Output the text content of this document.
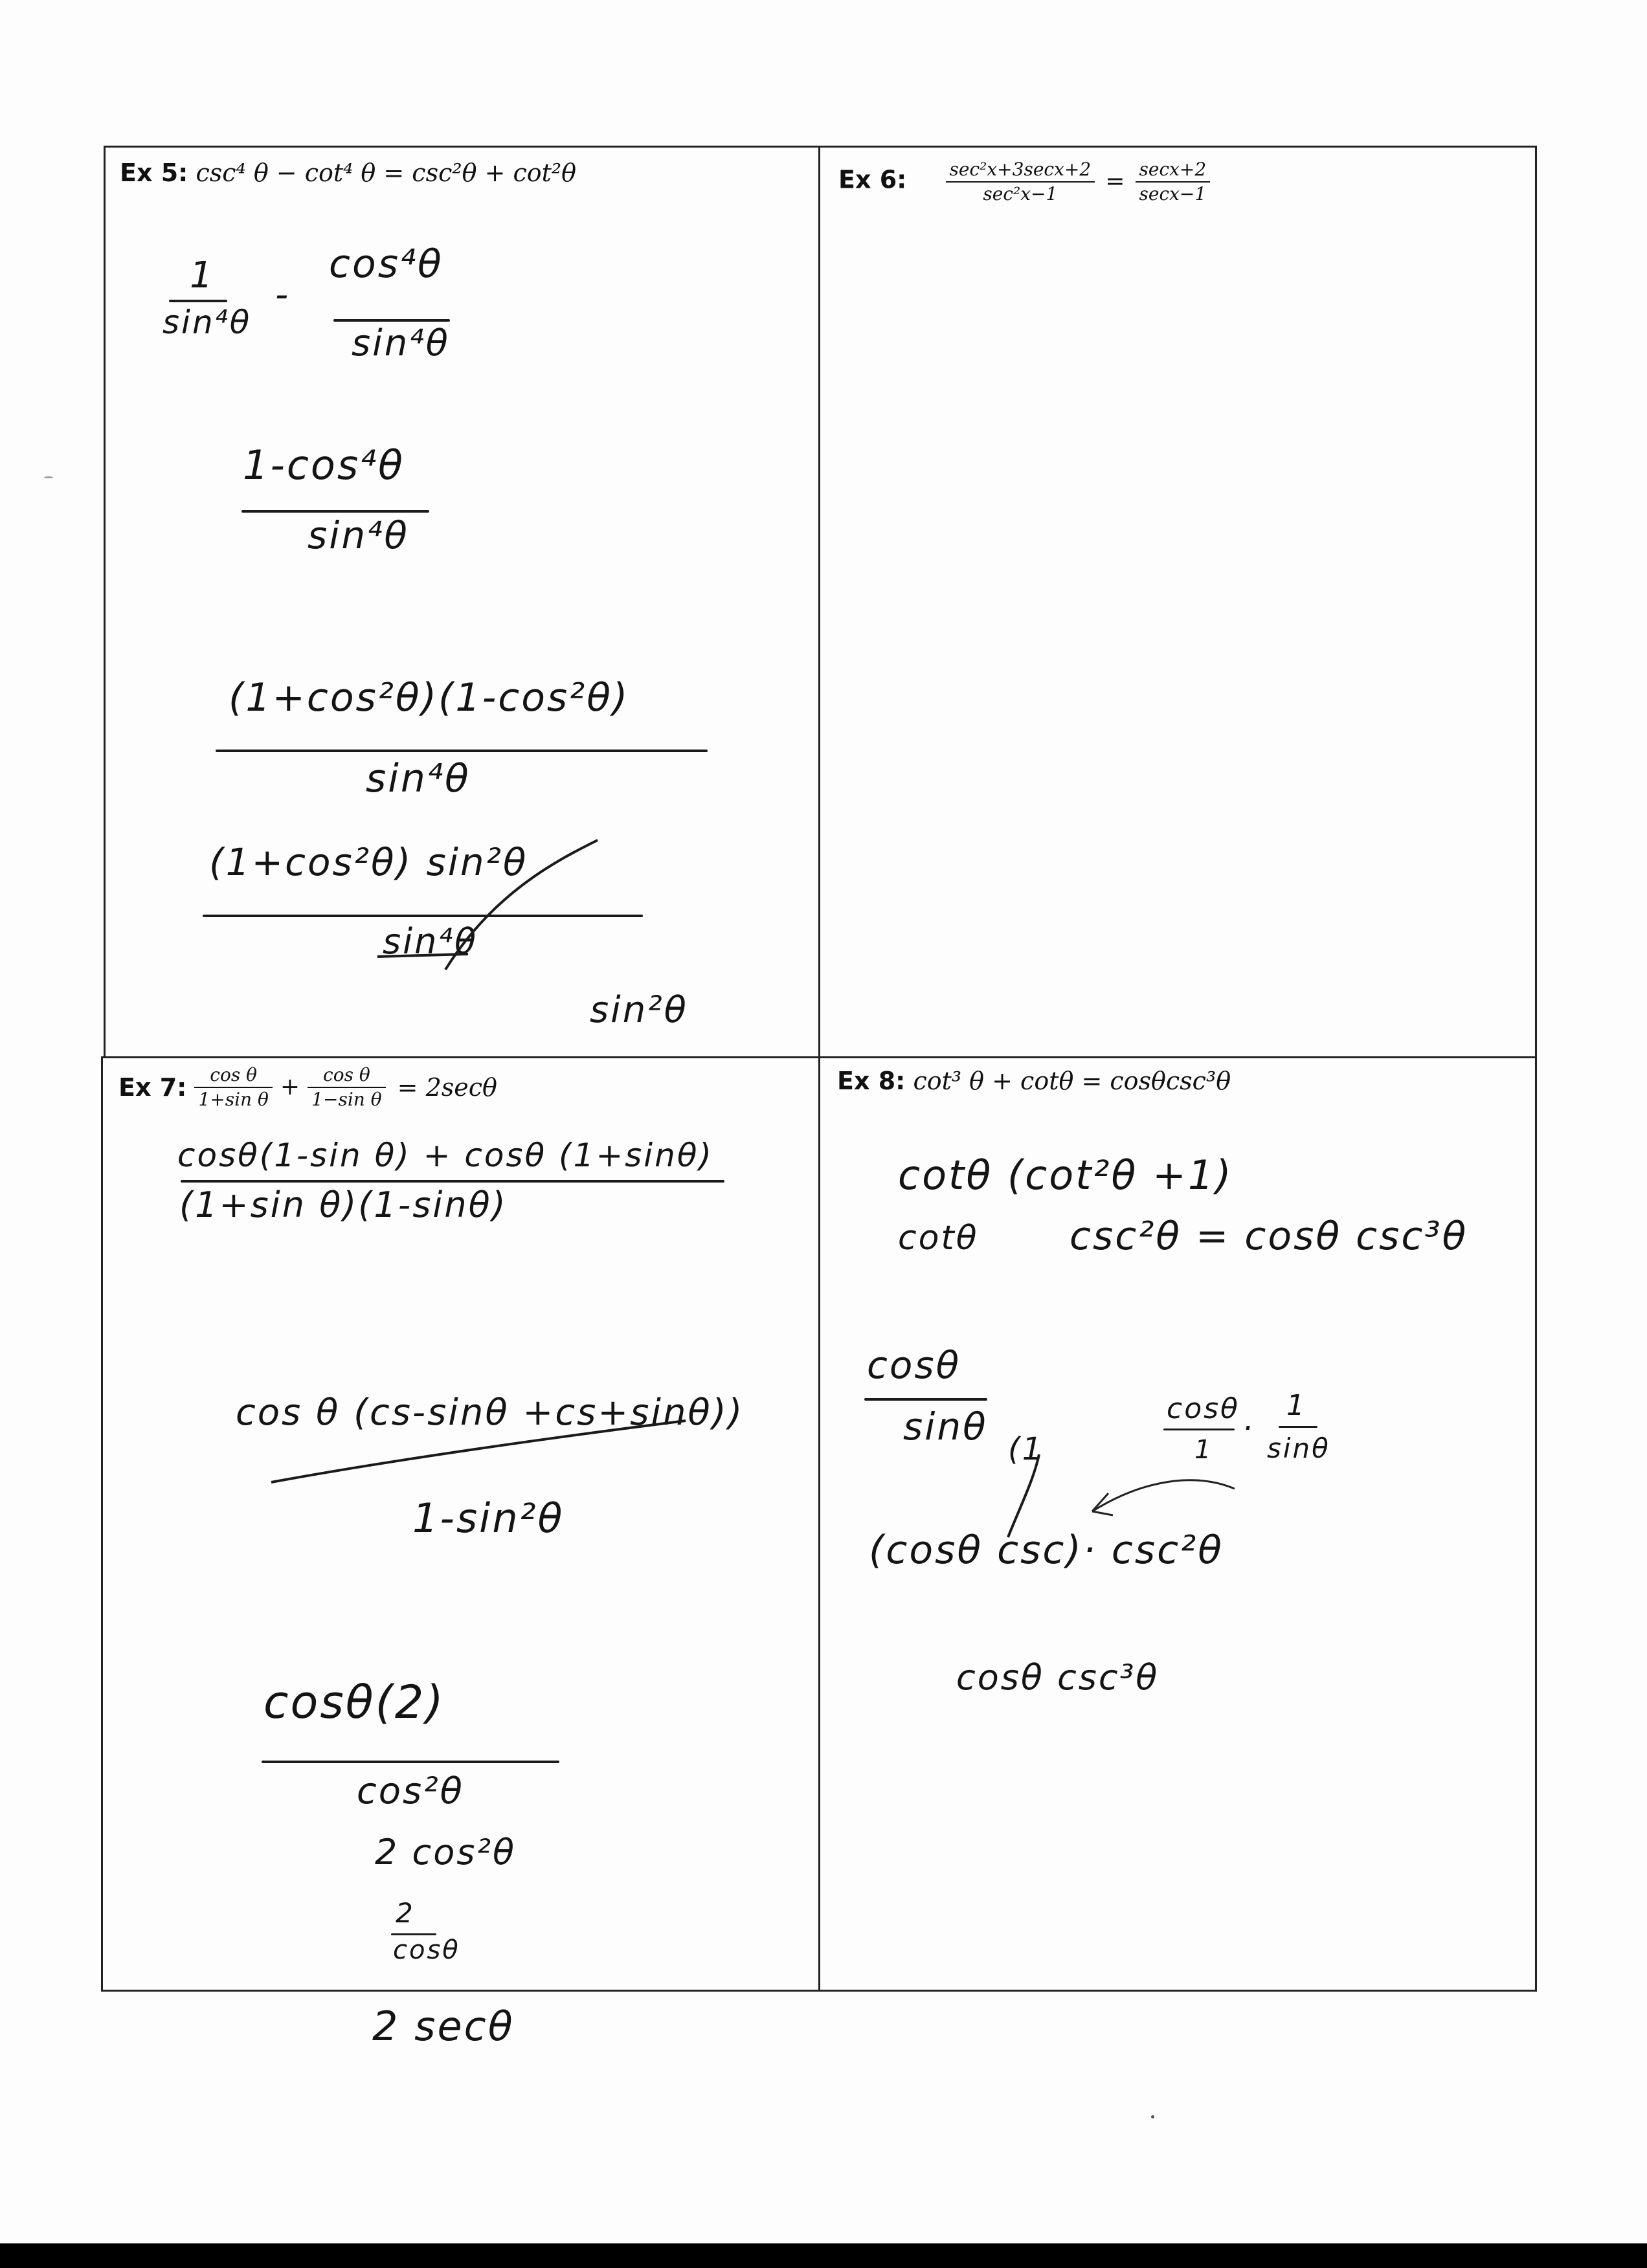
Ex 5: csc⁴ θ − cot⁴ θ = csc²θ + cot²θ
1
sin⁴θ
-
cos⁴θ
sin⁴θ
1-cos⁴θ
sin⁴θ
(1+cos²θ)(1-cos²θ)
sin⁴θ
(1+cos²θ) sin²θ
sin⁴θ
sin²θ
Ex 6: $\frac{\text{sec²x+3secx+2}}{\text{sec²x−1}} = \frac{\sec x+2}{\sec x-1}$
Ex 7: $\frac{\text{cos θ}}{\text{1+sin θ}} + \frac{\text{cos θ}}{\text{1−sin θ}} = 2\sec\theta$
cosθ(1-sin θ) + cosθ (1+sinθ)
(1+sin θ)(1-sinθ)
cos θ (cs-sinθ +cs+sinθ))
1-sin²θ
cosθ(2)
cos²θ
2 cos²θ
2
cosθ
2 secθ
Ex 8: cot³ θ + cotθ = cosθcsc³θ
cotθ (cot²θ +1)
cotθ csc²θ = cosθ csc³θ
cosθ
sinθ
(1
cosθ
1
·
1
sinθ
(cosθ csc)· csc²θ
cosθ csc³θ
